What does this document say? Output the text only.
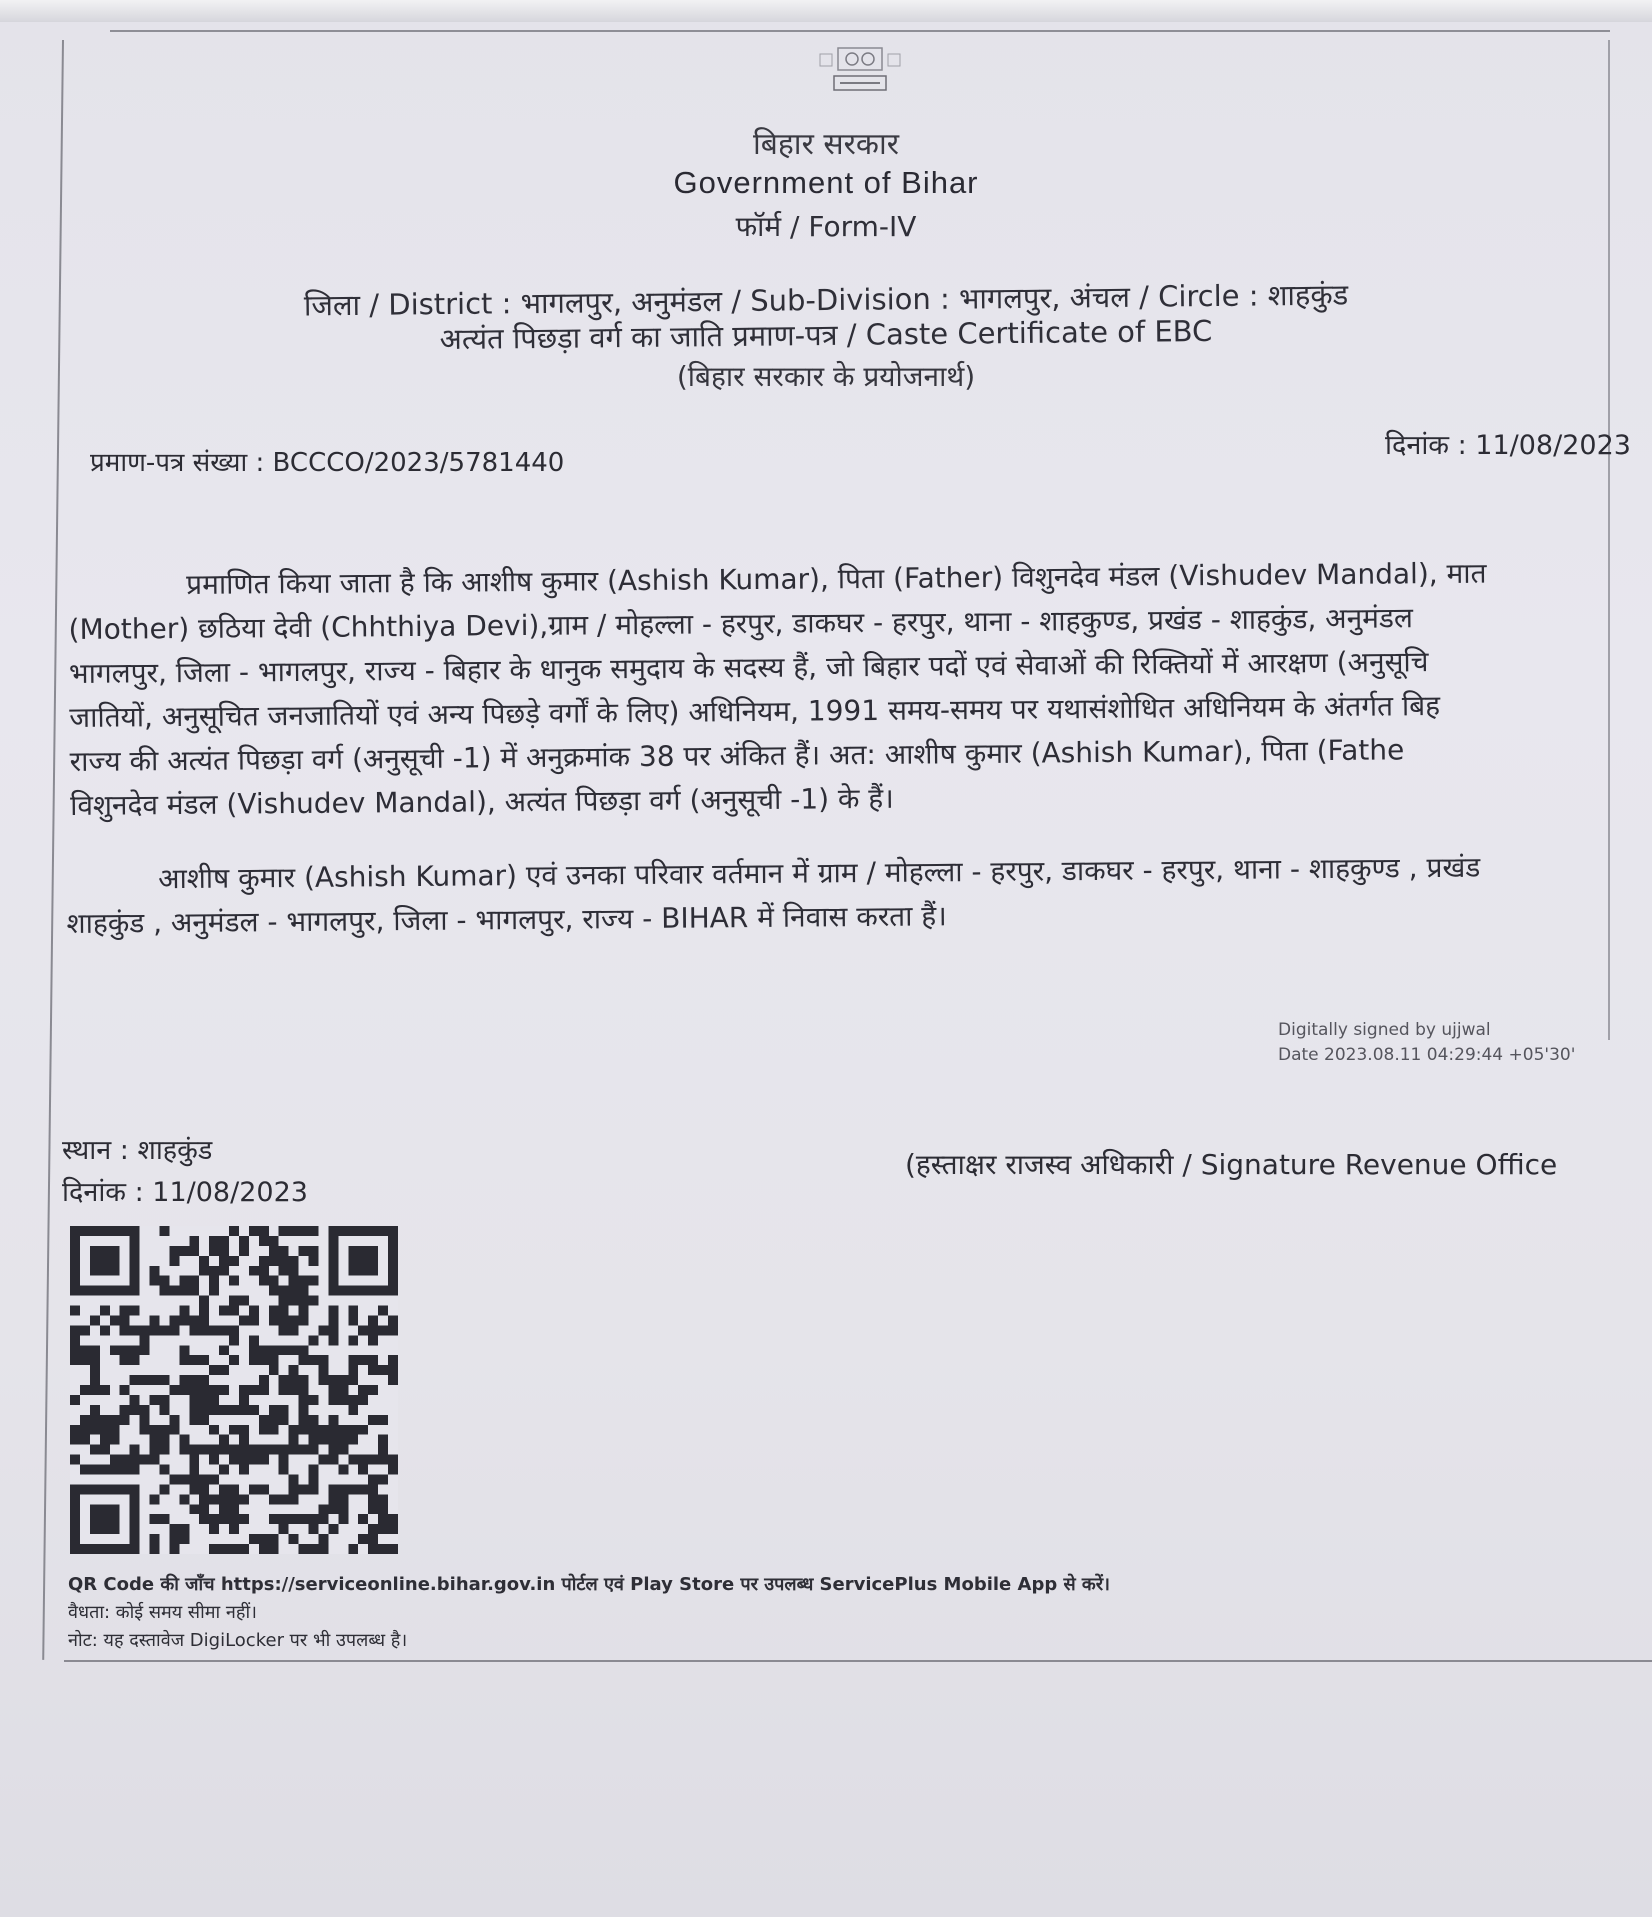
बिहार सरकार
Government of Bihar
फॉर्म / Form-IV
जिला / District : भागलपुर, अनुमंडल / Sub-Division : भागलपुर, अंचल / Circle : शाहकुंड
अत्यंत पिछड़ा वर्ग का जाति प्रमाण-पत्र / Caste Certificate of EBC
(बिहार सरकार के प्रयोजनार्थ)
प्रमाण-पत्र संख्या : BCCCO/2023/5781440
दिनांक : 11/08/2023
प्रमाणित किया जाता है कि आशीष कुमार (Ashish Kumar), पिता (Father) विशुनदेव मंडल (Vishudev Mandal), मात
(Mother) छठिया देवी (Chhthiya Devi),ग्राम / मोहल्ला - हरपुर, डाकघर - हरपुर, थाना - शाहकुण्ड, प्रखंड - शाहकुंड, अनुमंडल
भागलपुर, जिला - भागलपुर, राज्य - बिहार के धानुक समुदाय के सदस्य हैं, जो बिहार पदों एवं सेवाओं की रिक्तियों में आरक्षण (अनुसूचि
जातियों, अनुसूचित जनजातियों एवं अन्य पिछड़े वर्गों के लिए) अधिनियम, 1991 समय-समय पर यथासंशोधित अधिनियम के अंतर्गत बिह
राज्य की अत्यंत पिछड़ा वर्ग (अनुसूची -1) में अनुक्रमांक 38 पर अंकित हैं। अत: आशीष कुमार (Ashish Kumar), पिता (Fathe
विशुनदेव मंडल (Vishudev Mandal), अत्यंत पिछड़ा वर्ग (अनुसूची -1) के हैं।
आशीष कुमार (Ashish Kumar) एवं उनका परिवार वर्तमान में ग्राम / मोहल्ला - हरपुर, डाकघर - हरपुर, थाना - शाहकुण्ड , प्रखंड
शाहकुंड , अनुमंडल - भागलपुर, जिला - भागलपुर, राज्य - BIHAR में निवास करता हैं।
Digitally signed by ujjwal
Date 2023.08.11 04:29:44 +05'30'
स्थान : शाहकुंड
दिनांक : 11/08/2023
(हस्ताक्षर राजस्व अधिकारी / Signature Revenue Office
QR Code की जाँच https://serviceonline.bihar.gov.in पोर्टल एवं Play Store पर उपलब्ध ServicePlus Mobile App से करें।
वैधता: कोई समय सीमा नहीं।
नोट: यह दस्तावेज DigiLocker पर भी उपलब्ध है।
